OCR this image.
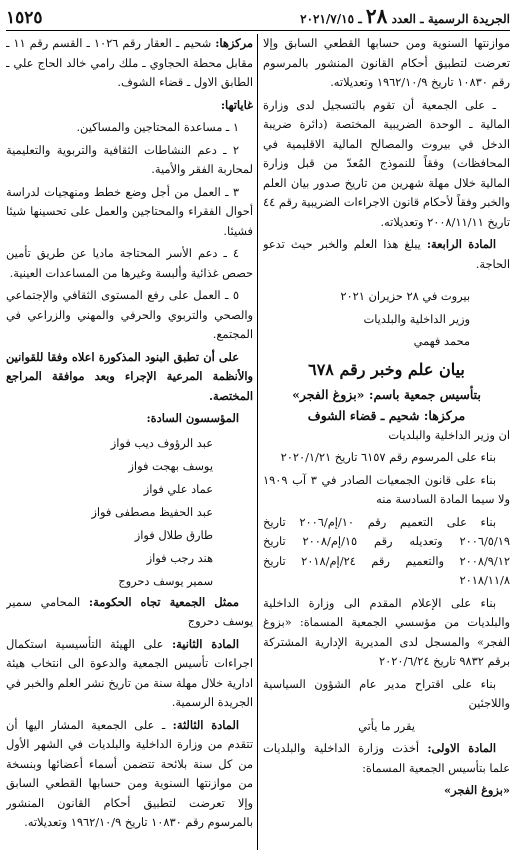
الجريدة الرسمية ـ العدد ٢٨ ـ ٢٠٢١/٧/١٥
١٥٢٥

موازنتها السنوية ومن حسابها القطعي السابق وإلا تعرضت لتطبيق أحكام القانون المنشور بالمرسوم رقم ١٠٨٣٠ تاريخ ١٩٦٢/١٠/٩ وتعديلاته.

ـ على الجمعية أن تقوم بالتسجيل لدى وزارة المالية ـ الوحدة الضريبية المختصة (دائرة ضريبة الدخل في بيروت والمصالح المالية الاقليمية في المحافظات) وفقاً للنموذج المُعدّ من قبل وزارة المالية خلال مهلة شهرين من تاريخ صدور بيان العلم والخبر وفقاً لأحكام قانون الاجراءات الضريبية رقم ٤٤ تاريخ ٢٠٠٨/١١/١١ وتعديلاته.

المادة الرابعة: يبلغ هذا العلم والخبر حيث تدعو الحاجة.

بيروت في ٢٨ حزيران ٢٠٢١

وزير الداخلية والبلديات

محمد فهمي

بيان علم وخبر رقم ٦٧٨
بتأسيس جمعية باسم: «بزوغ الفجر»
مركزها: شحيم ـ قضاء الشوف

ان وزير الداخلية والبلديات

بناء على المرسوم رقم ٦١٥٧ تاريخ ٢٠٢٠/١/٢١

بناء على قانون الجمعيات الصادر في ٣ آب ١٩٠٩ ولا سيما المادة السادسة منه

بناء على التعميم رقم ١٠/إم/٢٠٠٦ تاريخ ٢٠٠٦/٥/١٩ وتعديله رقم ١٥/إم/٢٠٠٨ تاريخ ٢٠٠٨/٩/١٢ والتعميم رقم ٢٤/إم/٢٠١٨ تاريخ ٢٠١٨/١١/٨

بناء على الإعلام المقدم الى وزارة الداخلية والبلديات من مؤسسي الجمعية المسماة: «بزوغ الفجر» والمسجل لدى المديرية الإدارية المشتركة برقم ٩٨٣٢ تاريخ ٢٠٢٠/٦/٢٤

بناء على اقتراح مدير عام الشؤون السياسية واللاجئين

يقرر ما يأتي

المادة الاولى: أخذت وزارة الداخلية والبلديات علما بتأسيس الجمعية المسماة:

«بزوغ الفجر»

مركزها: شحيم ـ العقار رقم ١٠٢٦ ـ القسم رقم ١١ ـ مقابل محطة الحجاوي ـ ملك رامي خالد الحاج علي ـ الطابق الاول ـ قضاء الشوف.

غاياتها:

١ ـ مساعدة المحتاجين والمساكين.

٢ ـ دعم النشاطات الثقافية والتربوية والتعليمية لمحاربة الفقر والأمية.

٣ ـ العمل من أجل وضع خطط ومنهجيات لدراسة أحوال الفقراء والمحتاجين والعمل على تحسينها شيئا فشيئا.

٤ ـ دعم الأسر المحتاجة ماديا عن طريق تأمين حصص غذائية وألبسة وغيرها من المساعدات العينية.

٥ ـ العمل على رفع المستوى الثقافي والإجتماعي والصحي والتربوي والحرفي والمهني والزراعي في المجتمع.

على أن تطبق البنود المذكورة اعلاه وفقا للقوانين والأنظمة المرعية الإجراء وبعد موافقة المراجع المختصة.

المؤسسون السادة:

عبد الرؤوف ديب فواز
يوسف بهجت فواز
عماد علي فواز
عبد الحفيظ مصطفى فواز
طارق طلال فواز
هند رجب فواز
سمير يوسف دحروج

ممثل الجمعية تجاه الحكومة: المحامي سمير يوسف دحروج

المادة الثانية: على الهيئة التأسيسية استكمال اجراءات تأسيس الجمعية والدعوة الى انتخاب هيئة ادارية خلال مهلة سنة من تاريخ نشر العلم والخبر في الجريدة الرسمية.

المادة الثالثة: ـ على الجمعية المشار اليها أن تتقدم من وزارة الداخلية والبلديات في الشهر الأول من كل سنة بلائحة تتضمن أسماء أعضائها وبنسخة من موازنتها السنوية ومن حسابها القطعي السابق وإلا تعرضت لتطبيق أحكام القانون المنشور بالمرسوم رقم ١٠٨٣٠ تاريخ ١٩٦٢/١٠/٩ وتعديلاته.
